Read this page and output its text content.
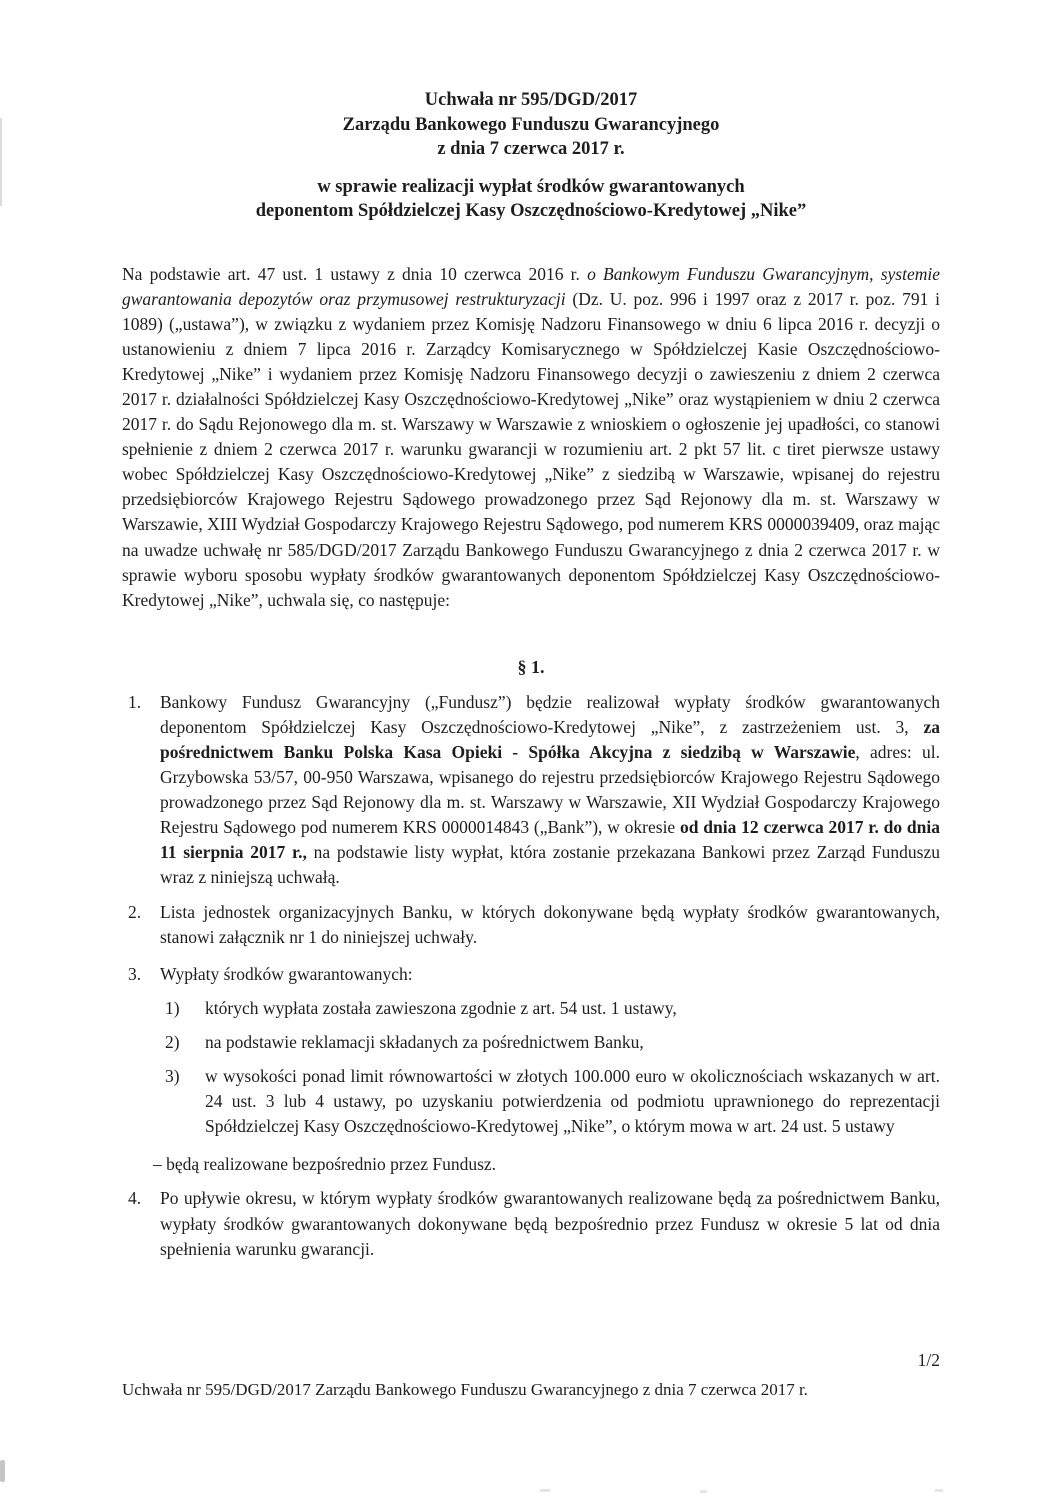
Uchwała nr 595/DGD/2017
Zarządu Bankowego Funduszu Gwarancyjnego
z dnia 7 czerwca 2017 r.
w sprawie realizacji wypłat środków gwarantowanych
deponentom Spółdzielczej Kasy Oszczędnościowo-Kredytowej „Nike”

Na podstawie art. 47 ust. 1 ustawy z dnia 10 czerwca 2016 r. o Bankowym Funduszu Gwarancyjnym, systemie gwarantowania depozytów oraz przymusowej restrukturyzacji (Dz. U. poz. 996 i 1997 oraz z 2017 r. poz. 791 i 1089) („ustawa”), w związku z wydaniem przez Komisję Nadzoru Finansowego w dniu 6 lipca 2016 r. decyzji o ustanowieniu z dniem 7 lipca 2016 r. Zarządcy Komisarycznego w Spółdzielczej Kasie Oszczędnościowo-Kredytowej „Nike” i wydaniem przez Komisję Nadzoru Finansowego decyzji o zawieszeniu z dniem 2 czerwca 2017 r. działalności Spółdzielczej Kasy Oszczędnościowo-Kredytowej „Nike” oraz wystąpieniem w dniu 2 czerwca 2017 r. do Sądu Rejonowego dla m. st. Warszawy w Warszawie z wnioskiem o ogłoszenie jej upadłości, co stanowi spełnienie z dniem 2 czerwca 2017 r. warunku gwarancji w rozumieniu art. 2 pkt 57 lit. c tiret pierwsze ustawy wobec Spółdzielczej Kasy Oszczędnościowo-Kredytowej „Nike” z siedzibą w Warszawie, wpisanej do rejestru przedsiębiorców Krajowego Rejestru Sądowego prowadzonego przez Sąd Rejonowy dla m. st. Warszawy w Warszawie, XIII Wydział Gospodarczy Krajowego Rejestru Sądowego, pod numerem KRS 0000039409, oraz mając na uwadze uchwałę nr 585/DGD/2017 Zarządu Bankowego Funduszu Gwarancyjnego z dnia 2 czerwca 2017 r. w sprawie wyboru sposobu wypłaty środków gwarantowanych deponentom Spółdzielczej Kasy Oszczędnościowo-Kredytowej „Nike”, uchwala się, co następuje:

§ 1.
1.	Bankowy Fundusz Gwarancyjny („Fundusz”) będzie realizował wypłaty środków gwarantowanych deponentom Spółdzielczej Kasy Oszczędnościowo-Kredytowej „Nike”, z zastrzeżeniem ust. 3, za pośrednictwem Banku Polska Kasa Opieki - Spółka Akcyjna z siedzibą w Warszawie, adres: ul. Grzybowska 53/57, 00-950 Warszawa, wpisanego do rejestru przedsiębiorców Krajowego Rejestru Sądowego prowadzonego przez Sąd Rejonowy dla m. st. Warszawy w Warszawie, XII Wydział Gospodarczy Krajowego Rejestru Sądowego pod numerem KRS 0000014843 („Bank”), w okresie od dnia 12 czerwca 2017 r. do dnia 11 sierpnia 2017 r., na podstawie listy wypłat, która zostanie przekazana Bankowi przez Zarząd Funduszu wraz z niniejszą uchwałą.
2.	Lista jednostek organizacyjnych Banku, w których dokonywane będą wypłaty środków gwarantowanych, stanowi załącznik nr 1 do niniejszej uchwały.
3.	Wypłaty środków gwarantowanych:
1)	których wypłata została zawieszona zgodnie z art. 54 ust. 1 ustawy,
2)	na podstawie reklamacji składanych za pośrednictwem Banku,
3)	w wysokości ponad limit równowartości w złotych 100.000 euro w okolicznościach wskazanych w art. 24 ust. 3 lub 4 ustawy, po uzyskaniu potwierdzenia od podmiotu uprawnionego do reprezentacji Spółdzielczej Kasy Oszczędnościowo-Kredytowej „Nike”, o którym mowa w art. 24 ust. 5 ustawy
– będą realizowane bezpośrednio przez Fundusz.
4.	Po upływie okresu, w którym wypłaty środków gwarantowanych realizowane będą za pośrednictwem Banku, wypłaty środków gwarantowanych dokonywane będą bezpośrednio przez Fundusz w okresie 5 lat od dnia spełnienia warunku gwarancji.
1/2
Uchwała nr 595/DGD/2017 Zarządu Bankowego Funduszu Gwarancyjnego z dnia 7 czerwca 2017 r.
